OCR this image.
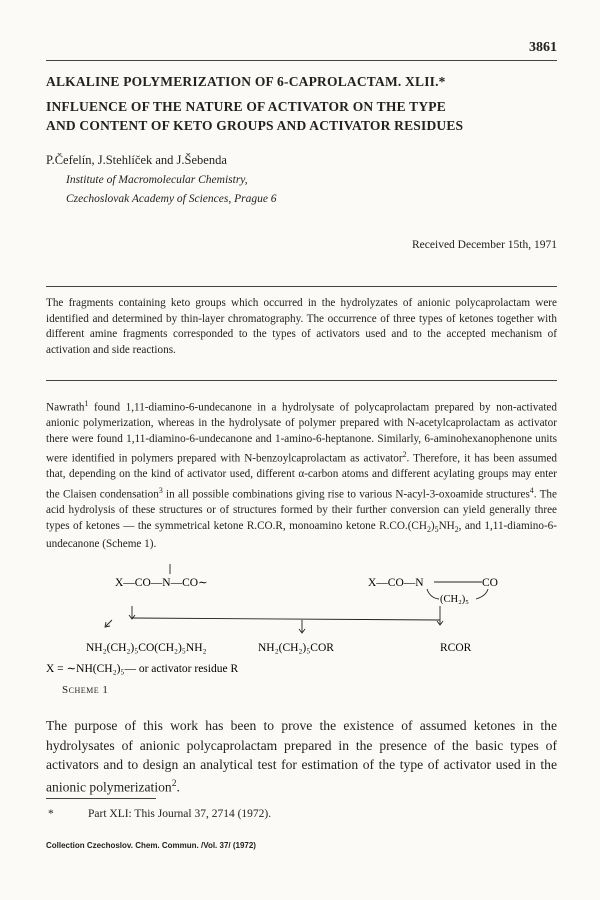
3861
ALKALINE POLYMERIZATION OF 6-CAPROLACTAM. XLII.*
INFLUENCE OF THE NATURE OF ACTIVATOR ON THE TYPE
AND CONTENT OF KETO GROUPS AND ACTIVATOR RESIDUES
P.Čefelín, J.Stehlíček and J.Šebenda
Institute of Macromolecular Chemistry,
Czechoslovak Academy of Sciences, Prague 6
Received December 15th, 1971
The fragments containing keto groups which occurred in the hydrolyzates of anionic polycaprolactam were identified and determined by thin-layer chromatography. The occurrence of three types of ketones together with different amine fragments corresponded to the types of activators used and to the accepted mechanism of activation and side reactions.
Nawrath$^1$ found 1,11-diamino-6-undecanone in a hydrolysate of polycaprolactam prepared by non-activated anionic polymerization, whereas in the hydrolysate of polymer prepared with N-acetylcaprolactam as activator there were found 1,11-diamino-6-undecanone and 1-amino-6-heptanone. Similarly, 6-aminohexanophenone units were identified in polymers prepared with N-benzoylcaprolactam as activator$^2$. Therefore, it has been assumed that, depending on the kind of activator used, different α-carbon atoms and different acylating groups may enter the Claisen condensation$^3$ in all possible combinations giving rise to various N-acyl-3-oxoamide structures$^4$. The acid hydrolysis of these structures or of structures formed by their further conversion can yield generally three types of ketones — the symmetrical ketone R.CO.R, monoamino ketone $R.CO.(CH_2)_5NH_2$, and 1,11-diamino-6-undecanone (Scheme 1).
X—CO—N—CO∼	X—CO—N	CO
(CH₂)₅
NH₂(CH₂)₅CO(CH₂)₅NH₂	NH₂(CH₂)₅COR	RCOR
X = ∼NH(CH₂)₅— or activator residue R
Scheme 1
The purpose of this work has been to prove the existence of assumed ketones in the hydrolysates of anionic polycaprolactam prepared in the presence of the basic types of activators and to design an analytical test for estimation of the type of activator used in the anionic polymerization$^2$.
*	Part XLI: This Journal 37, 2714 (1972).
Collection Czechoslov. Chem. Commun. /Vol. 37/ (1972)
